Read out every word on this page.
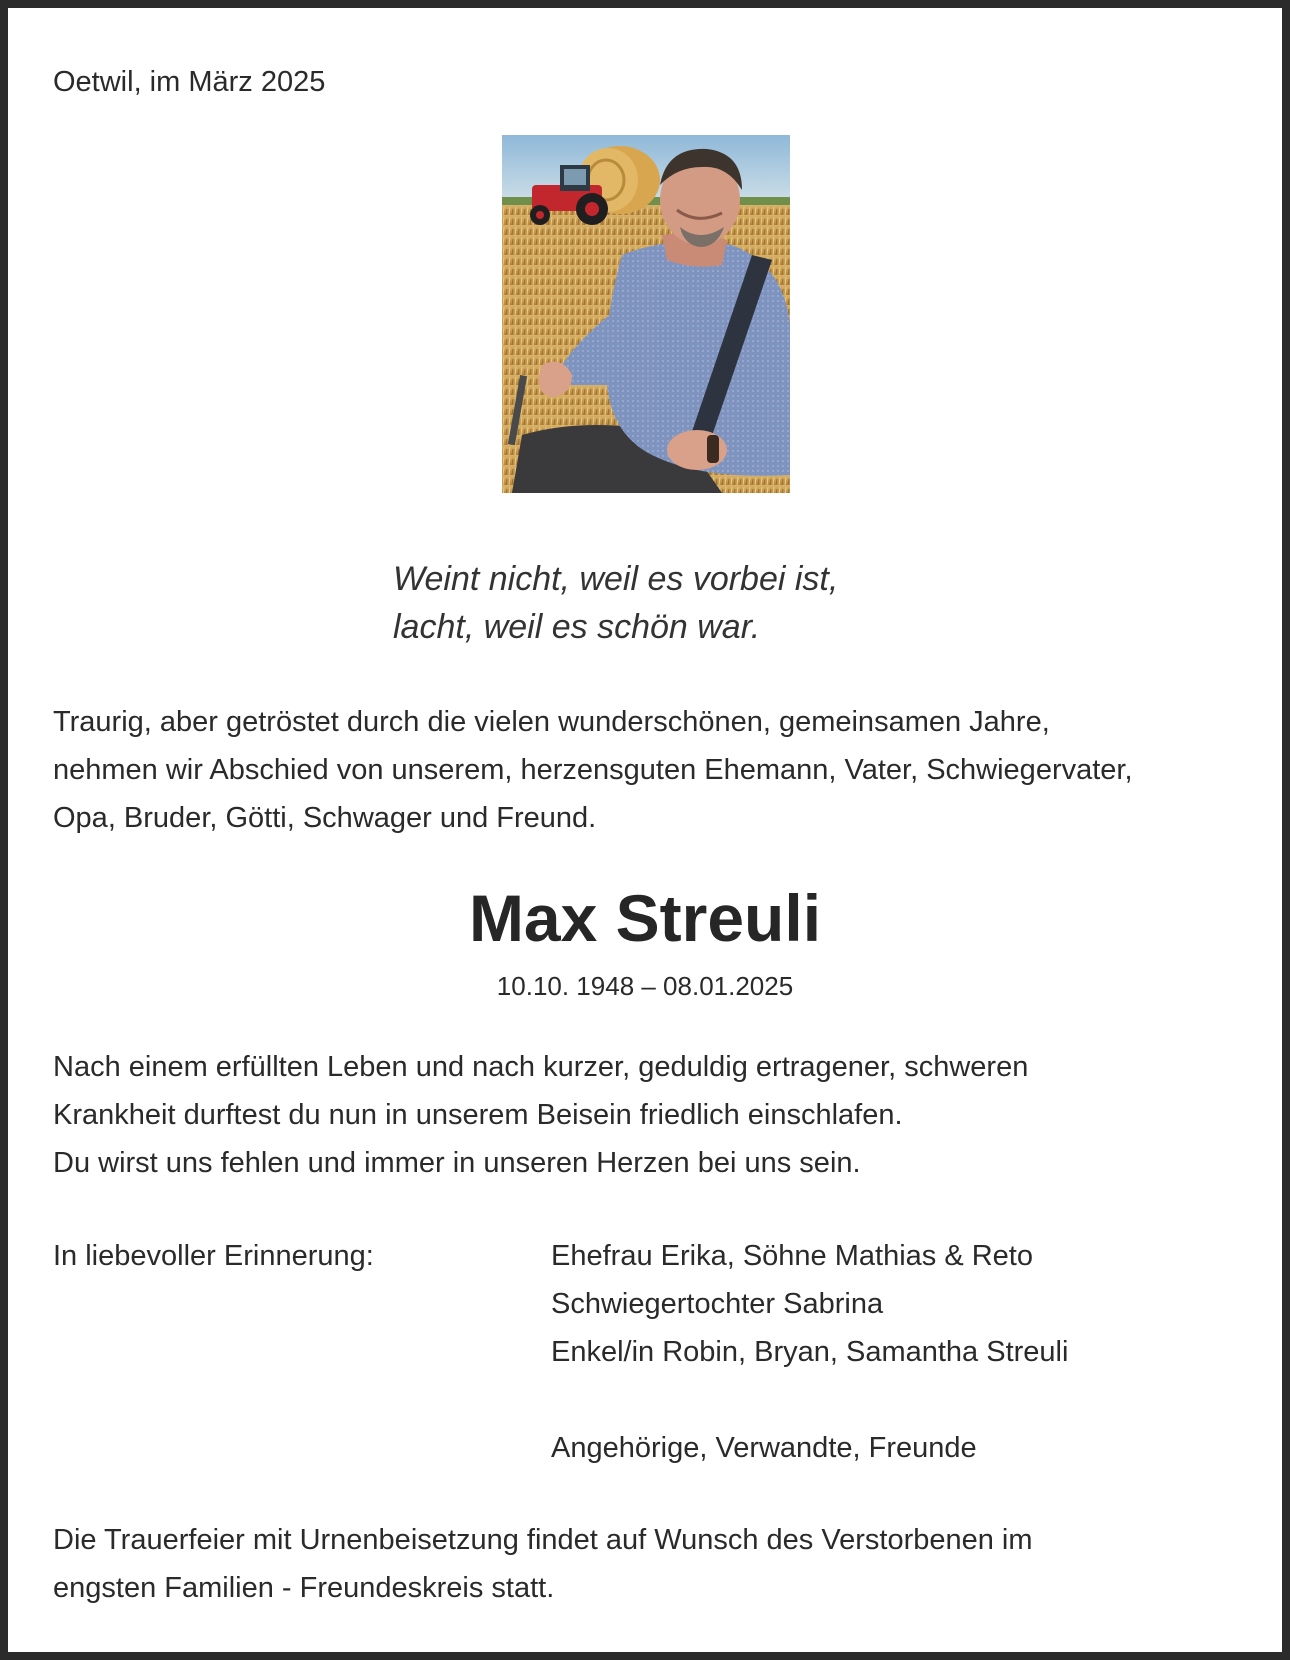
Oetwil, im März 2025
Weint nicht, weil es vorbei ist,
lacht, weil es schön war.
Traurig, aber getröstet durch die vielen wunderschönen, gemeinsamen Jahre,
nehmen wir Abschied von unserem, herzensguten Ehemann, Vater, Schwiegervater,
Opa, Bruder, Götti, Schwager und Freund.
Max Streuli
10.10. 1948 – 08.01.2025
Nach einem erfüllten Leben und nach kurzer, geduldig ertragener, schweren
Krankheit durftest du nun in unserem Beisein friedlich einschlafen.
Du wirst uns fehlen und immer in unseren Herzen bei uns sein.
In liebevoller Erinnerung:	Ehefrau Erika, Söhne Mathias & Reto
Schwiegertochter Sabrina
Enkel/in Robin, Bryan, Samantha Streuli
Angehörige, Verwandte, Freunde
Die Trauerfeier mit Urnenbeisetzung findet auf Wunsch des Verstorbenen im
engsten Familien - Freundeskreis statt.
